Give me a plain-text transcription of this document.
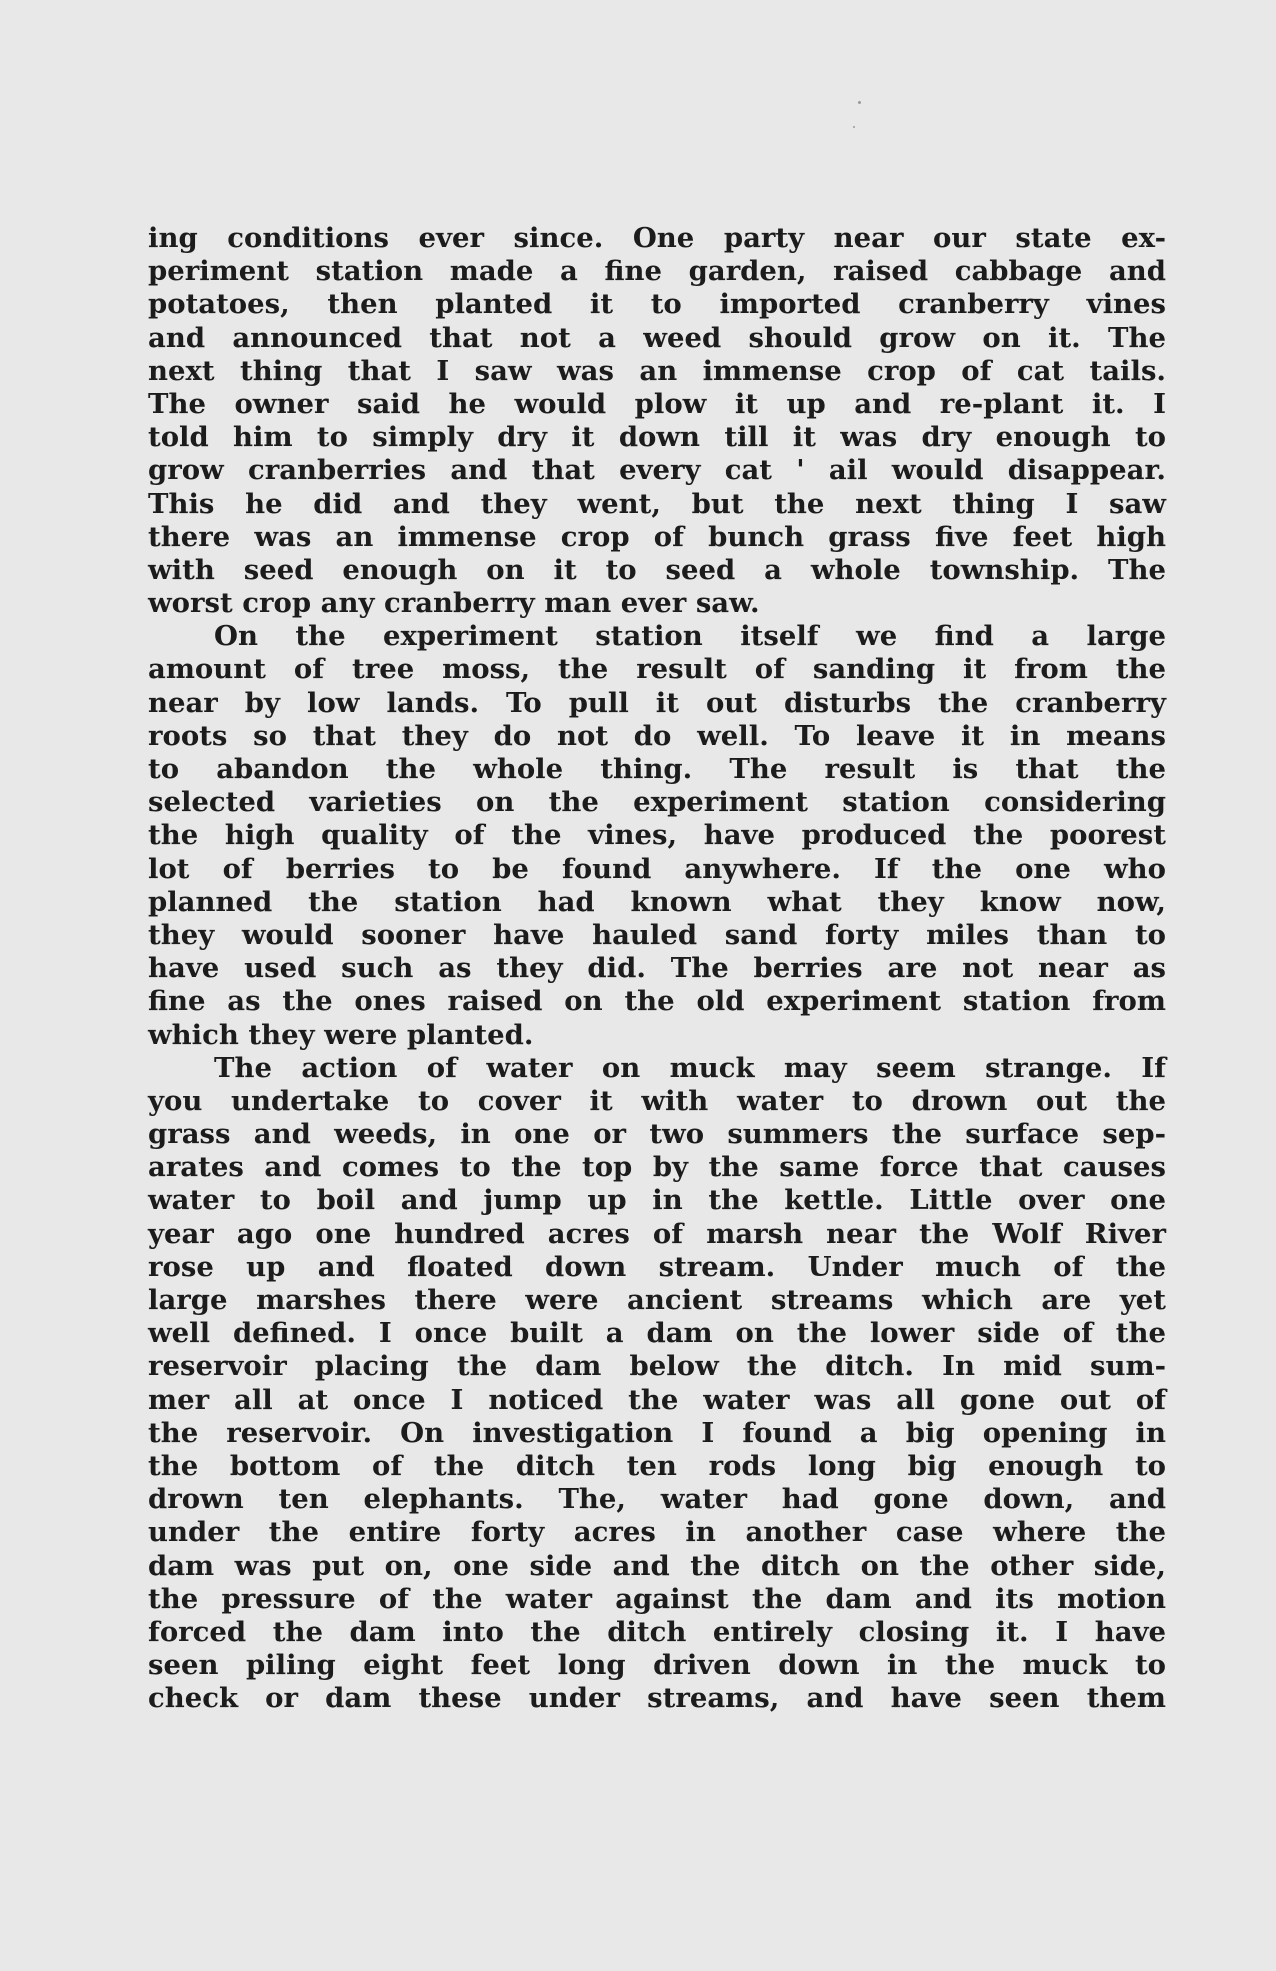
ing conditions ever since. One party near our state ex-
periment station made a fine garden, raised cabbage and
potatoes, then planted it to imported cranberry vines
and announced that not a weed should grow on it. The
next thing that I saw was an immense crop of cat tails.
The owner said he would plow it up and re-plant it. I
told him to simply dry it down till it was dry enough to
grow cranberries and that every cat ' ail would disappear.
This he did and they went, but the next thing I saw
there was an immense crop of bunch grass five feet high
with seed enough on it to seed a whole township. The
worst crop any cranberry man ever saw.
On the experiment station itself we find a large
amount of tree moss, the result of sanding it from the
near by low lands. To pull it out disturbs the cranberry
roots so that they do not do well. To leave it in means
to abandon the whole thing. The result is that the
selected varieties on the experiment station considering
the high quality of the vines, have produced the poorest
lot of berries to be found anywhere. If the one who
planned the station had known what they know now,
they would sooner have hauled sand forty miles than to
have used such as they did. The berries are not near as
fine as the ones raised on the old experiment station from
which they were planted.
The action of water on muck may seem strange. If
you undertake to cover it with water to drown out the
grass and weeds, in one or two summers the surface sep-
arates and comes to the top by the same force that causes
water to boil and jump up in the kettle. Little over one
year ago one hundred acres of marsh near the Wolf River
rose up and floated down stream. Under much of the
large marshes there were ancient streams which are yet
well defined. I once built a dam on the lower side of the
reservoir placing the dam below the ditch. In mid sum-
mer all at once I noticed the water was all gone out of
the reservoir. On investigation I found a big opening in
the bottom of the ditch ten rods long big enough to
drown ten elephants. The, water had gone down, and
under the entire forty acres in another case where the
dam was put on, one side and the ditch on the other side,
the pressure of the water against the dam and its motion
forced the dam into the ditch entirely closing it. I have
seen piling eight feet long driven down in the muck to
check or dam these under streams, and have seen them
